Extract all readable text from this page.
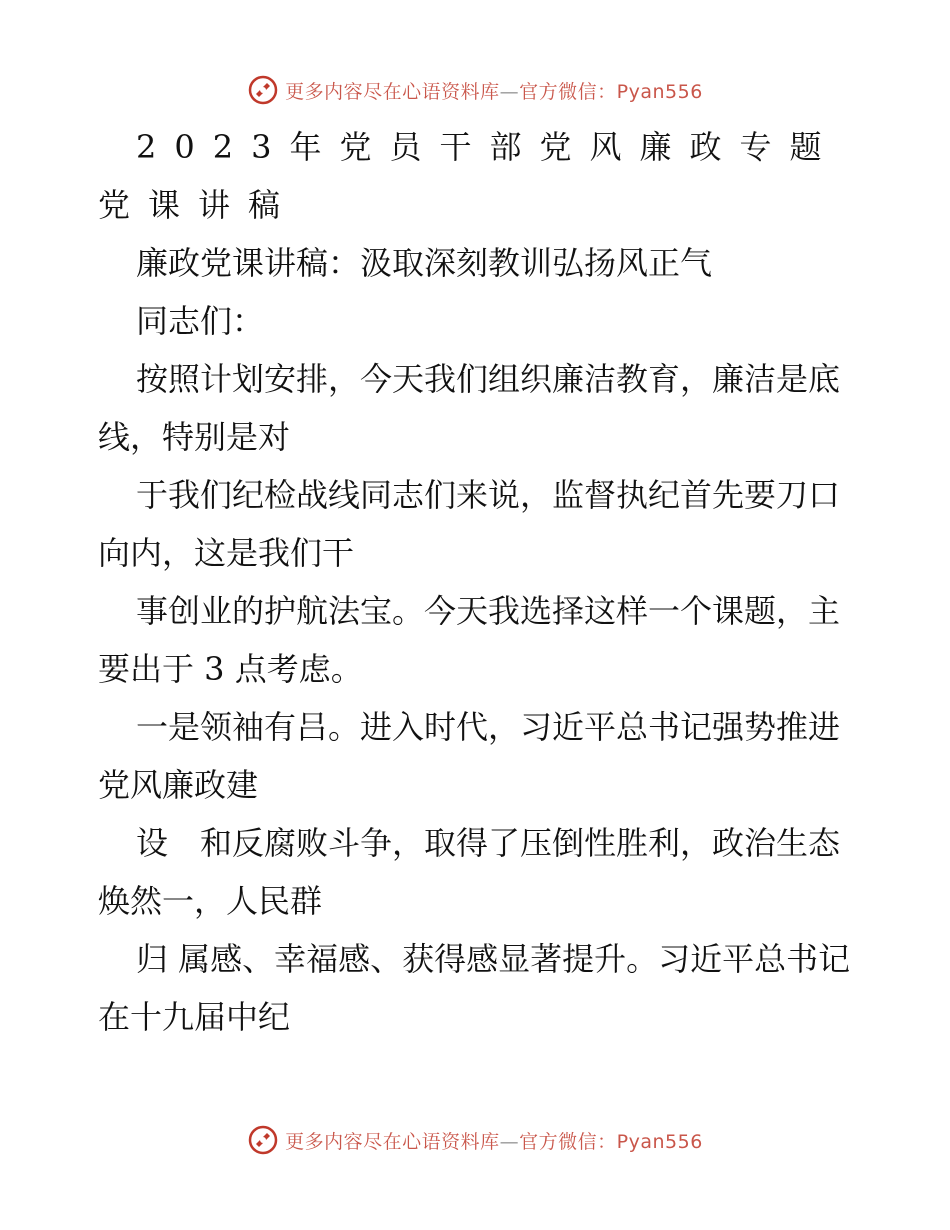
更多内容尽在心语资料库—官方微信：Pyan556

2023年党员干部党风廉政专题党课讲稿

廉政党课讲稿：汲取深刻教训弘扬风正气

同志们：

按照计划安排，今天我们组织廉洁教育，廉洁是底线，特别是对

于我们纪检战线同志们来说，监督执纪首先要刀口向内，这是我们干

事创业的护航法宝。今天我选择这样一个课题，主要出于 3 点考虑。

一是领袖有吕。进入时代，习近平总书记强势推进党风廉政建

设　和反腐败斗争，取得了压倒性胜利，政治生态焕然一，人民群

归 属感、幸福感、获得感显著提升。习近平总书记在十九届中纪

更多内容尽在心语资料库—官方微信：Pyan556
